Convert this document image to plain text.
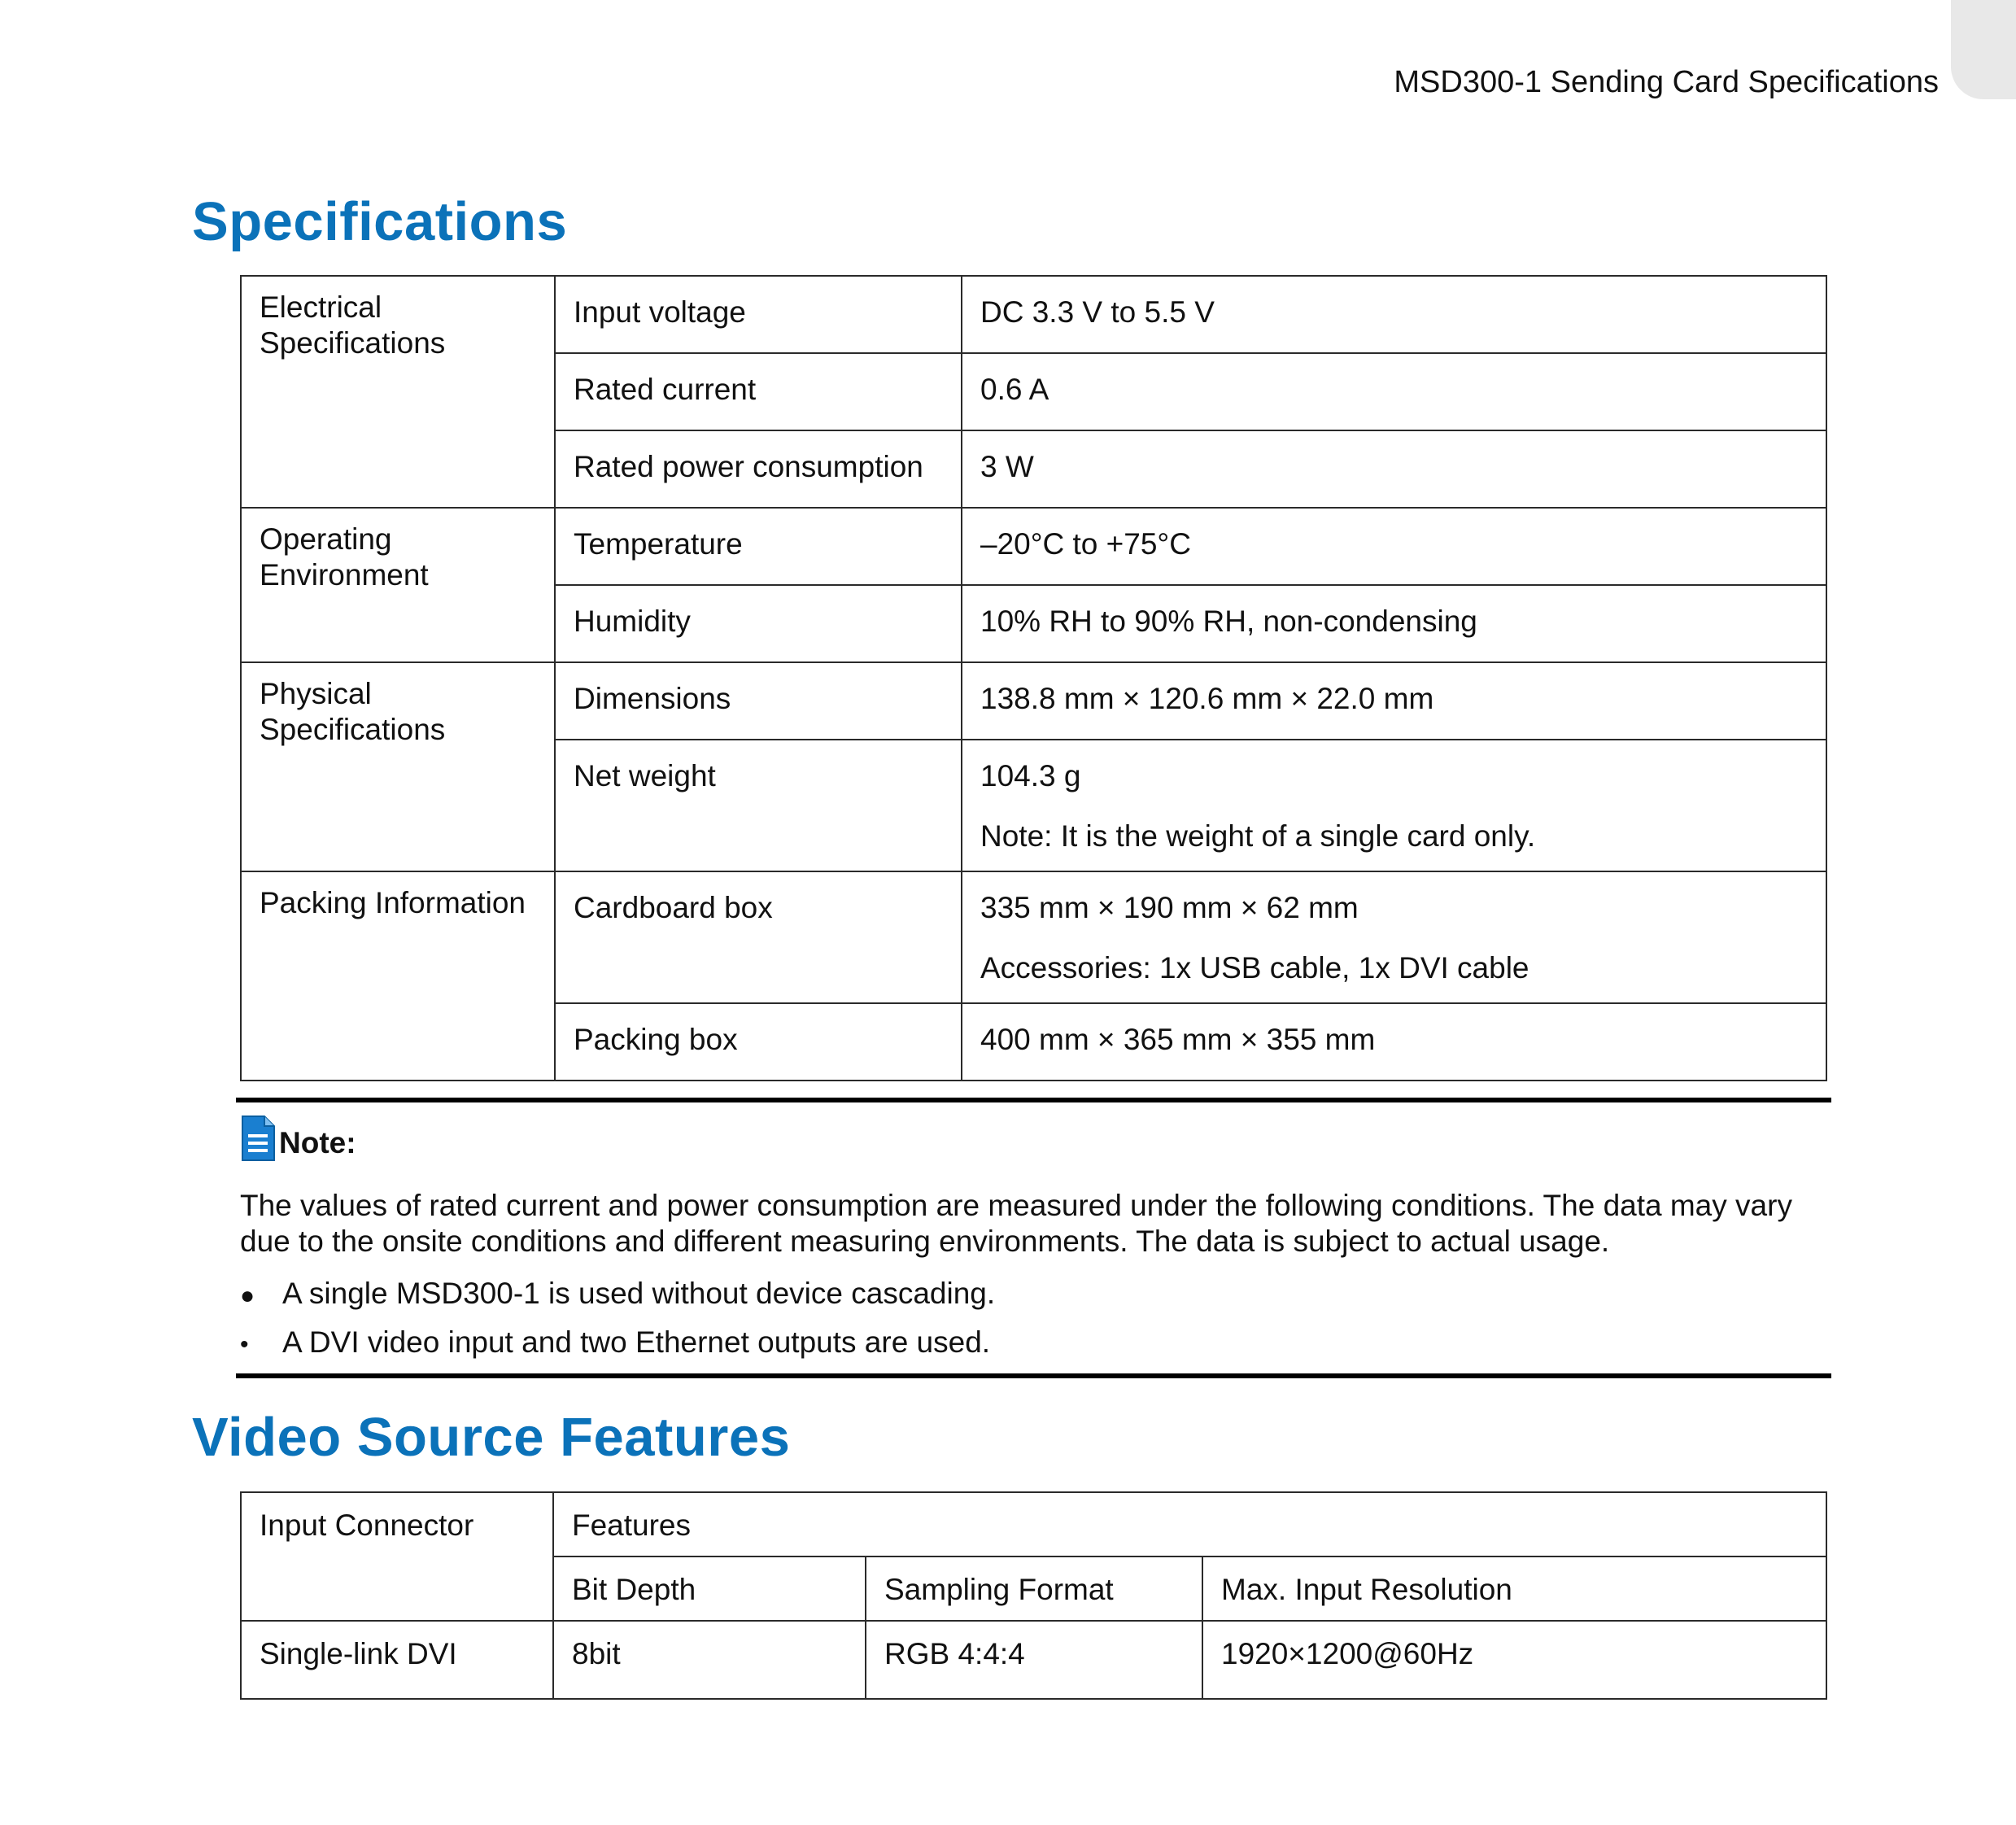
MSD300-1 Sending Card Specifications
Specifications
Electrical Specifications	Input voltage	DC 3.3 V to 5.5 V
	Rated current	0.6 A
	Rated power consumption	3 W
Operating Environment	Temperature	–20°C to +75°C
	Humidity	10% RH to 90% RH, non-condensing
Physical Specifications	Dimensions	138.8 mm × 120.6 mm × 22.0 mm
	Net weight	104.3 g
Note: It is the weight of a single card only.

Packing Information	Cardboard box	335 mm × 190 mm × 62 mm
Accessories: 1x USB cable, 1x DVI cable

	Packing box	400 mm × 365 mm × 355 mm
Note:

The values of rated current and power consumption are measured under the following conditions. The data may vary due to the onsite conditions and different measuring environments. The data is subject to actual usage.

● A single MSD300-1 is used without device cascading.
• A DVI video input and two Ethernet outputs are used.
Video Source Features
Input Connector	Features		
	Bit Depth	Sampling Format	Max. Input Resolution
Single-link DVI	8bit	RGB 4:4:4	1920×1200@60Hz
